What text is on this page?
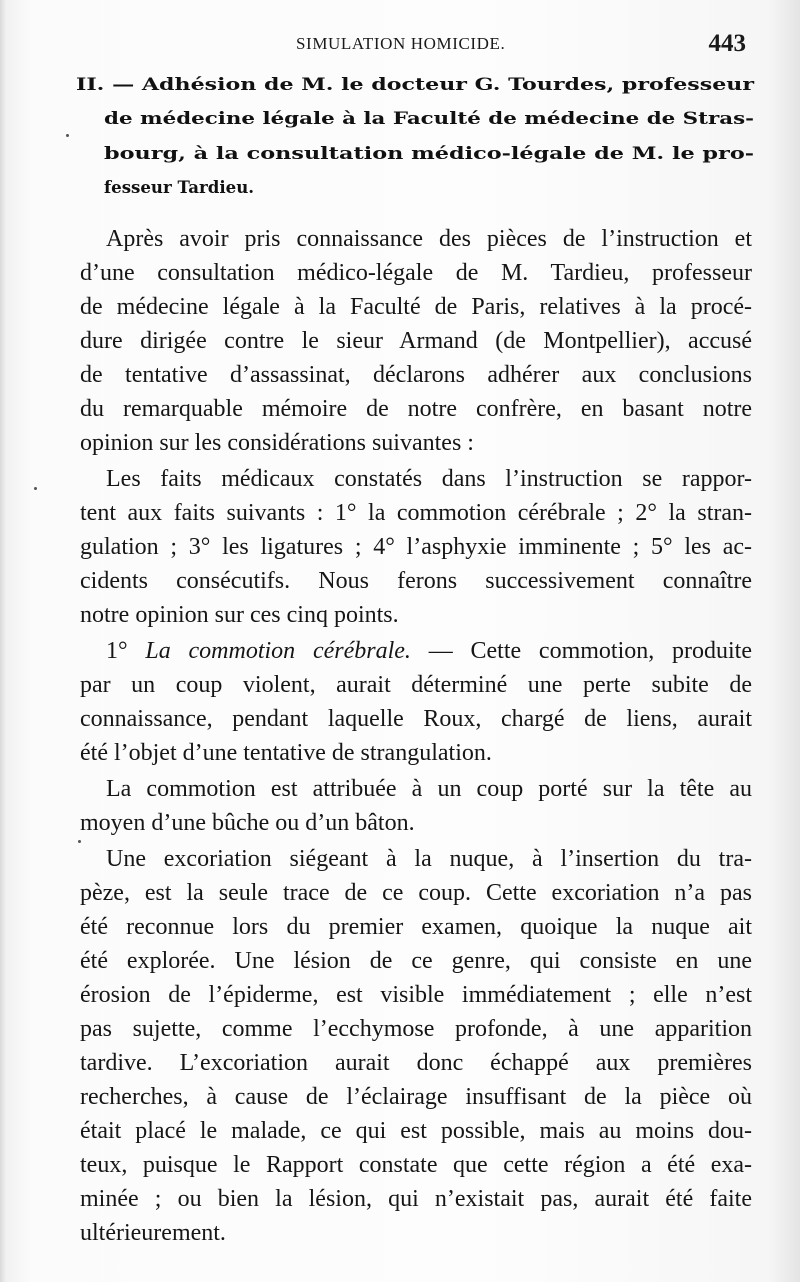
SIMULATION HOMICIDE.	443
II. — Adhésion de M. le docteur G. Tourdes, professeur
de médecine légale à la Faculté de médecine de Stras-
bourg, à la consultation médico-légale de M. le pro-
fesseur Tardieu.
Après avoir pris connaissance des pièces de l’instruction et
d’une consultation médico-légale de M. Tardieu, professeur
de médecine légale à la Faculté de Paris, relatives à la procé-
dure dirigée contre le sieur Armand (de Montpellier), accusé
de tentative d’assassinat, déclarons adhérer aux conclusions
du remarquable mémoire de notre confrère, en basant notre
opinion sur les considérations suivantes :
Les faits médicaux constatés dans l’instruction se rappor-
tent aux faits suivants : 1° la commotion cérébrale ; 2° la stran-
gulation ; 3° les ligatures ; 4° l’asphyxie imminente ; 5° les ac-
cidents consécutifs. Nous ferons successivement connaître
notre opinion sur ces cinq points.
1° La commotion cérébrale. — Cette commotion, produite
par un coup violent, aurait déterminé une perte subite de
connaissance, pendant laquelle Roux, chargé de liens, aurait
été l’objet d’une tentative de strangulation.
La commotion est attribuée à un coup porté sur la tête au
moyen d’une bûche ou d’un bâton.
Une excoriation siégeant à la nuque, à l’insertion du tra-
pèze, est la seule trace de ce coup. Cette excoriation n’a pas
été reconnue lors du premier examen, quoique la nuque ait
été explorée. Une lésion de ce genre, qui consiste en une
érosion de l’épiderme, est visible immédiatement ; elle n’est
pas sujette, comme l’ecchymose profonde, à une apparition
tardive. L’excoriation aurait donc échappé aux premières
recherches, à cause de l’éclairage insuffisant de la pièce où
était placé le malade, ce qui est possible, mais au moins dou-
teux, puisque le Rapport constate que cette région a été exa-
minée ; ou bien la lésion, qui n’existait pas, aurait été faite
ultérieurement.
